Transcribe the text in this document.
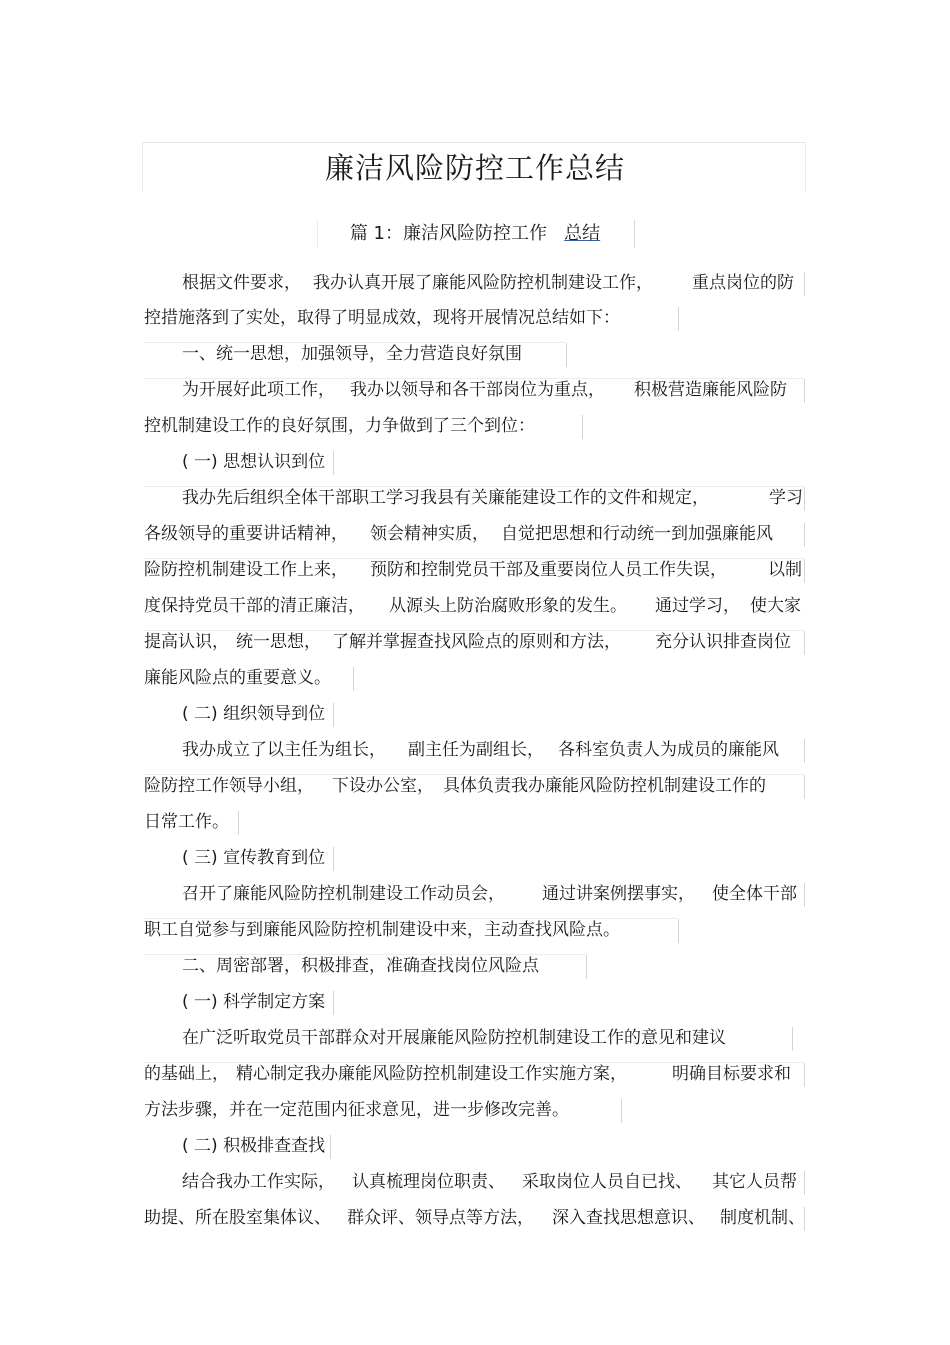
廉洁风险防控工作总结
篇 1：廉洁风险防控工作 总结
根据文件要求， 我办认真开展了廉能风险防控机制建设工作， 重点岗位的防
控措施落到了实处，取得了明显成效，现将开展情况总结如下：
一、统一思想，加强领导，全力营造良好氛围
为开展好此项工作， 我办以领导和各干部岗位为重点， 积极营造廉能风险防
控机制建设工作的良好氛围，力争做到了三个到位：
( 一) 思想认识到位
我办先后组织全体干部职工学习我县有关廉能建设工作的文件和规定，	学习
各级领导的重要讲话精神， 领会精神实质， 自觉把思想和行动统一到加强廉能风
险防控机制建设工作上来， 预防和控制党员干部及重要岗位人员工作失误， 以制
度保持党员干部的清正廉洁， 从源头上防治腐败形象的发生。 通过学习， 使大家
提高认识， 统一思想， 了解并掌握查找风险点的原则和方法， 充分认识排查岗位
廉能风险点的重要意义。
( 二) 组织领导到位
我办成立了以主任为组长， 副主任为副组长， 各科室负责人为成员的廉能风
险防控工作领导小组， 下设办公室， 具体负责我办廉能风险防控机制建设工作的
日常工作。
( 三) 宣传教育到位
召开了廉能风险防控机制建设工作动员会， 通过讲案例摆事实， 使全体干部
职工自觉参与到廉能风险防控机制建设中来，主动查找风险点。
二、周密部署，积极排查，准确查找岗位风险点
( 一) 科学制定方案
在广泛听取党员干部群众对开展廉能风险防控机制建设工作的意见和建议
的基础上， 精心制定我办廉能风险防控机制建设工作实施方案，	明确目标要求和
方法步骤，并在一定范围内征求意见，进一步修改完善。
( 二) 积极排查查找
结合我办工作实际， 认真梳理岗位职责、 采取岗位人员自已找、 其它人员帮
助提、所在股室集体议、 群众评、领导点等方法， 深入查找思想意识、 制度机制、
